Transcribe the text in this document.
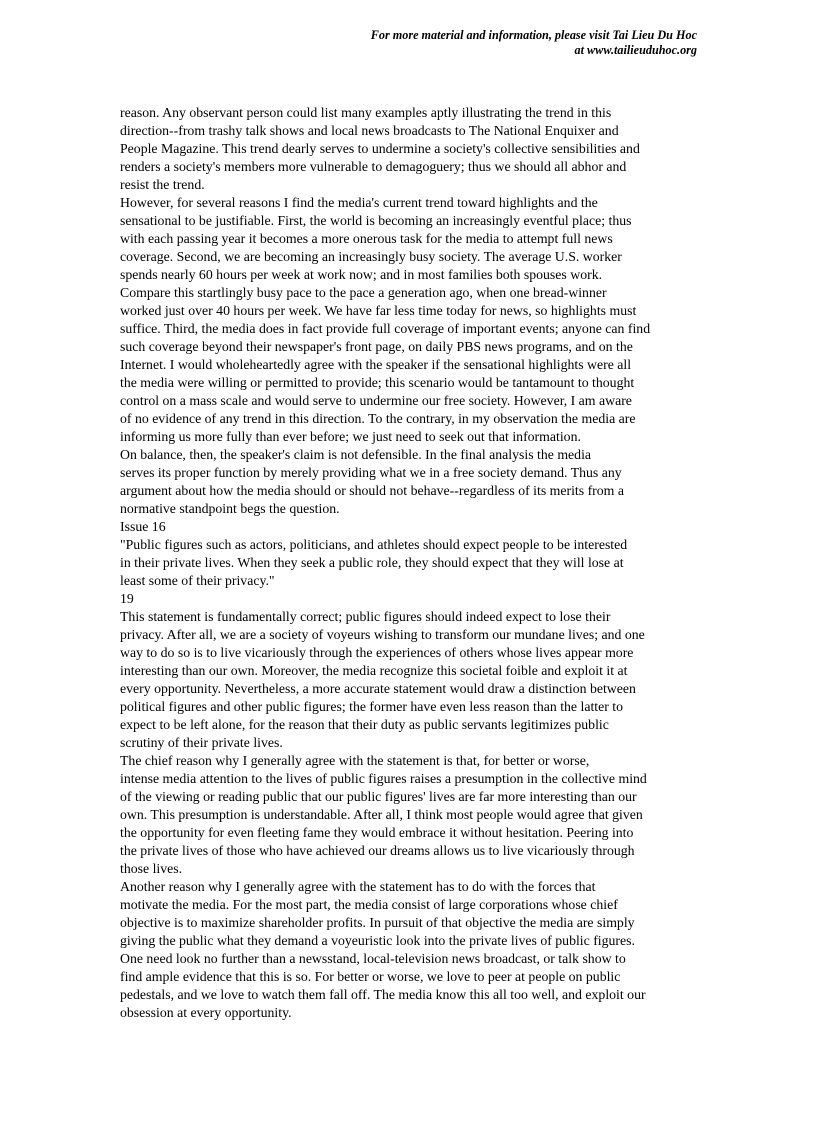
For more material and information, please visit Tai Lieu Du Hoc
at www.tailieuduhoc.org
reason. Any observant person could list many examples aptly illustrating the trend in this
direction--from trashy talk shows and local news broadcasts to The National Enquixer and
People Magazine. This trend dearly serves to undermine a society's collective sensibilities and
renders a society's members more vulnerable to demagoguery; thus we should all abhor and
resist the trend.
However, for several reasons I find the media's current trend toward highlights and the
sensational to be justifiable. First, the world is becoming an increasingly eventful place; thus
with each passing year it becomes a more onerous task for the media to attempt full news
coverage. Second, we are becoming an increasingly busy society. The average U.S. worker
spends nearly 60 hours per week at work now; and in most families both spouses work.
Compare this startlingly busy pace to the pace a generation ago, when one bread-winner
worked just over 40 hours per week. We have far less time today for news, so highlights must
suffice. Third, the media does in fact provide full coverage of important events; anyone can find
such coverage beyond their newspaper's front page, on daily PBS news programs, and on the
Internet. I would wholeheartedly agree with the speaker if the sensational highlights were all
the media were willing or permitted to provide; this scenario would be tantamount to thought
control on a mass scale and would serve to undermine our free society. However, I am aware
of no evidence of any trend in this direction. To the contrary, in my observation the media are
informing us more fully than ever before; we just need to seek out that information.
On balance, then, the speaker's claim is not defensible. In the final analysis the media
serves its proper function by merely providing what we in a free society demand. Thus any
argument about how the media should or should not behave--regardless of its merits from a
normative standpoint begs the question.
Issue 16
"Public figures such as actors, politicians, and athletes should expect people to be interested
in their private lives. When they seek a public role, they should expect that they will lose at
least some of their privacy."
19
This statement is fundamentally correct; public figures should indeed expect to lose their
privacy. After all, we are a society of voyeurs wishing to transform our mundane lives; and one
way to do so is to live vicariously through the experiences of others whose lives appear more
interesting than our own. Moreover, the media recognize this societal foible and exploit it at
every opportunity. Nevertheless, a more accurate statement would draw a distinction between
political figures and other public figures; the former have even less reason than the latter to
expect to be left alone, for the reason that their duty as public servants legitimizes public
scrutiny of their private lives.
The chief reason why I generally agree with the statement is that, for better or worse,
intense media attention to the lives of public figures raises a presumption in the collective mind
of the viewing or reading public that our public figures' lives are far more interesting than our
own. This presumption is understandable. After all, I think most people would agree that given
the opportunity for even fleeting fame they would embrace it without hesitation. Peering into
the private lives of those who have achieved our dreams allows us to live vicariously through
those lives.
Another reason why I generally agree with the statement has to do with the forces that
motivate the media. For the most part, the media consist of large corporations whose chief
objective is to maximize shareholder profits. In pursuit of that objective the media are simply
giving the public what they demand a voyeuristic look into the private lives of public figures.
One need look no further than a newsstand, local-television news broadcast, or talk show to
find ample evidence that this is so. For better or worse, we love to peer at people on public
pedestals, and we love to watch them fall off. The media know this all too well, and exploit our
obsession at every opportunity.
